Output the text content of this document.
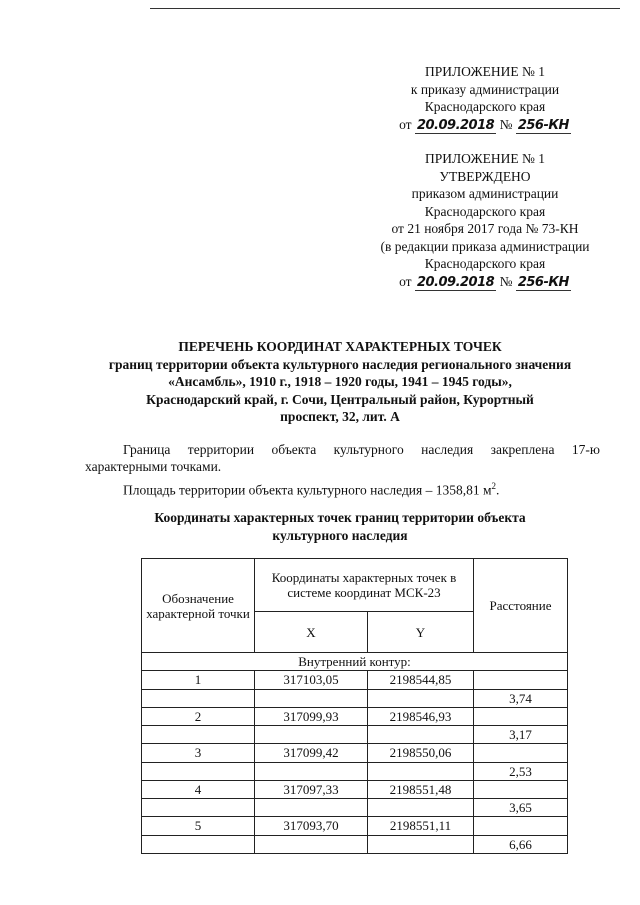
ПРИЛОЖЕНИЕ № 1
к приказу администрации
Краснодарского края
от 20.09.2018 № 256-КН
ПРИЛОЖЕНИЕ № 1
УТВЕРЖДЕНО
приказом администрации
Краснодарского края
от 21 ноября 2017 года № 73-КН
(в редакции приказа администрации
Краснодарского края
от 20.09.2018 № 256-КН
ПЕРЕЧЕНЬ КООРДИНАТ ХАРАКТЕРНЫХ ТОЧЕК
границ территории объекта культурного наследия регионального значения
«Ансамбль», 1910 г., 1918 – 1920 годы, 1941 – 1945 годы»,
Краснодарский край, г. Сочи, Центральный район, Курортный
проспект, 32, лит. А
Граница территории объекта культурного наследия закреплена 17-ю характерными точками.
Площадь территории объекта культурного наследия – 1358,81 $м^2$.
Координаты характерных точек границ территории объекта
культурного наследия
Обозначение характерной точки	Координаты характерных точек в системе координат МСК-23		Расстояние
	X	Y	
Внутренний контур:			
1	317103,05	2198544,85	
			3,74
2	317099,93	2198546,93	
			3,17
3	317099,42	2198550,06	
			2,53
4	317097,33	2198551,48	
			3,65
5	317093,70	2198551,11	
			6,66
